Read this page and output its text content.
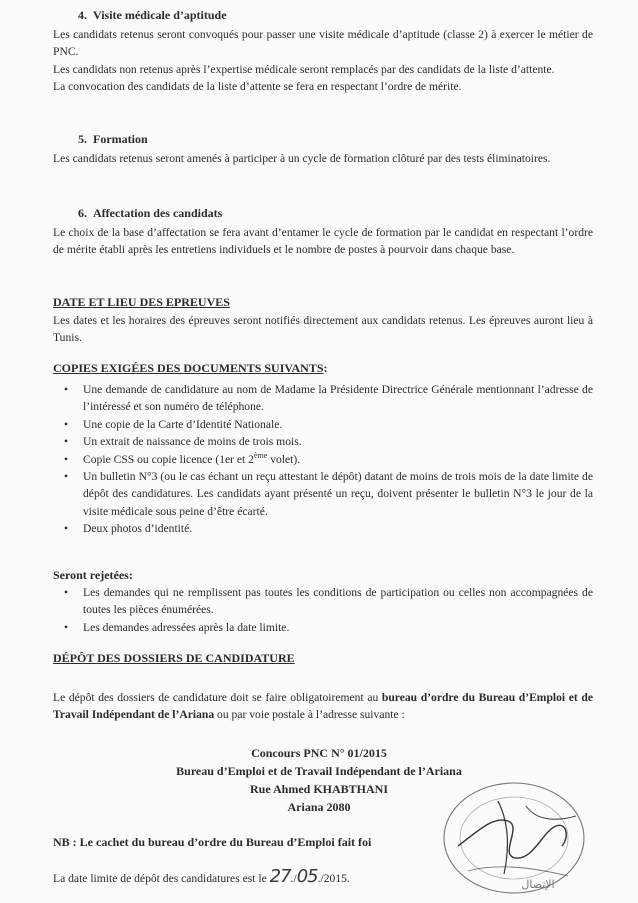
4.  Visite médicale d’aptitude

Les candidats retenus seront convoqués pour passer une visite médicale d’aptitude (classe 2) à exercer le métier de PNC.

Les candidats non retenus après l’expertise médicale seront remplacés par des candidats de la liste d’attente.

La convocation des candidats de la liste d’attente se fera en respectant l’ordre de mérite.

5.  Formation

Les candidats retenus seront amenés à participer à un cycle de formation clôturé par des tests éliminatoires.

6.  Affectation des candidats

Le choix de la base d’affectation se fera avant d’entamer le cycle de formation par le candidat en respectant l’ordre de mérite établi après les entretiens individuels et le nombre de postes à pourvoir dans chaque base.

DATE ET LIEU DES EPREUVES

Les dates et les horaires des épreuves seront notifiés directement aux candidats retenus. Les épreuves auront lieu à Tunis.

COPIES EXIGÉES DES DOCUMENTS SUIVANTS:
• Une demande de candidature au nom de Madame la Présidente Directrice Générale mentionnant l’adresse de l’intéressé et son numéro de téléphone.
• Une copie de la Carte d’Identité Nationale.
• Un extrait de naissance de moins de trois mois.
• Copie CSS ou copie licence (1er et 2ème volet).
• Un bulletin N°3 (ou le cas échant un reçu attestant le dépôt) datant de moins de trois mois de la date limite de dépôt des candidatures. Les candidats ayant présenté un reçu, doivent présenter le bulletin N°3 le jour de la visite médicale sous peine d’être écarté.
• Deux photos d’identité.
Seront rejetées:
• Les demandes qui ne remplissent pas toutes les conditions de participation ou celles non accompagnées de toutes les pièces énumérées.
• Les demandes adressées après la date limite.
DÉPÔT DES DOSSIERS DE CANDIDATURE

Le dépôt des dossiers de candidature doit se faire obligatoirement au bureau d’ordre du Bureau d’Emploi et de Travail Indépendant de l’Ariana ou par voie postale à l’adresse suivante :

Concours PNC N° 01/2015

Bureau d’Emploi et de Travail Indépendant de l’Ariana

Rue Ahmed KHABTHANI

Ariana 2080

NB : Le cachet du bureau d’ordre du Bureau d’Emploi fait foi

La date limite de dépôt des candidatures est le 27./05./2015.	الإتصال
